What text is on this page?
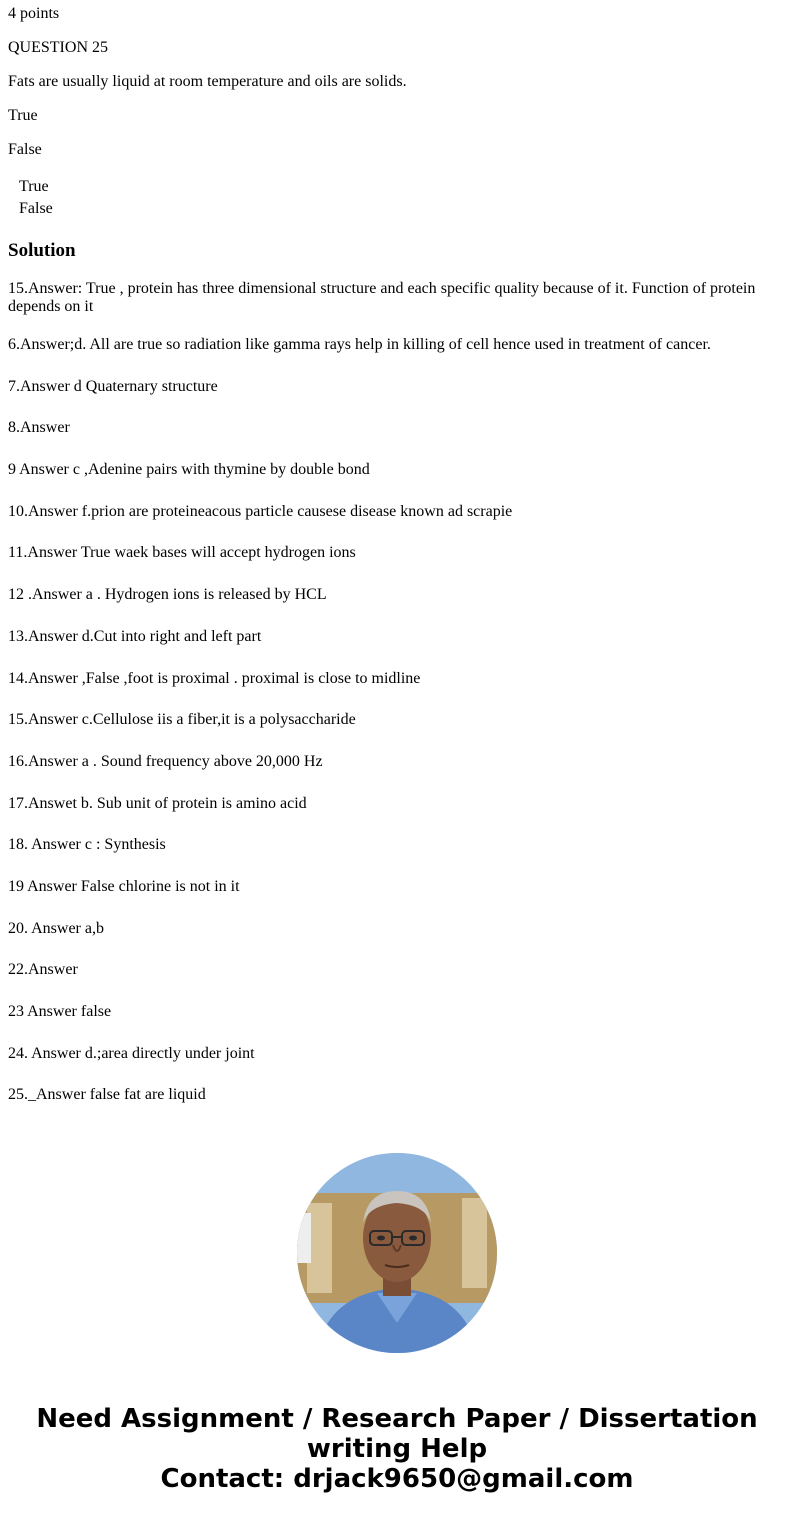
4 points

QUESTION 25

Fats are usually liquid at room temperature and oils are solids.

True

False

True
False
Solution

15.Answer: True , protein has three dimensional structure and each specific quality because of it. Function of protein depends on it

6.Answer;d. All are true so radiation like gamma rays help in killing of cell hence used in treatment of cancer.

7.Answer d Quaternary structure

8.Answer

9 Answer c ,Adenine pairs with thymine by double bond

10.Answer f.prion are proteineacous particle causese disease known ad scrapie

11.Answer True waek bases will accept hydrogen ions

12 .Answer a . Hydrogen ions is released by HCL

13.Answer d.Cut into right and left part

14.Answer ,False ,foot is proximal . proximal is close to midline

15.Answer c.Cellulose iis a fiber,it is a polysaccharide

16.Answer a . Sound frequency above 20,000 Hz

17.Answet b. Sub unit of protein is amino acid

18. Answer c : Synthesis

19 Answer False chlorine is not in it

20. Answer a,b

22.Answer

23 Answer false

24. Answer d.;area directly under joint

25._Answer false fat are liquid

Need Assignment / Research Paper / Dissertation
writing Help
Contact: drjack9650@gmail.com
